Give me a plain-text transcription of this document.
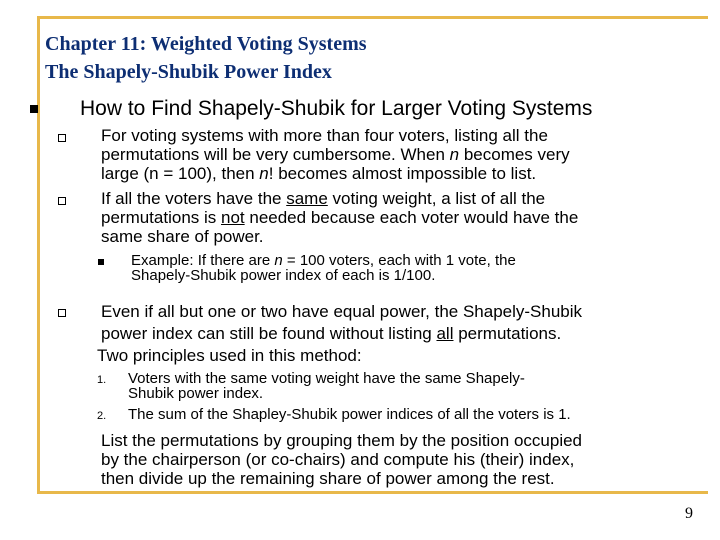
Chapter 11: Weighted Voting Systems
The Shapely-Shubik Power Index
How to Find Shapely-Shubik for Larger Voting Systems
For voting systems with more than four voters, listing all the
permutations will be very cumbersome. When n becomes very
large (n = 100), then n! becomes almost impossible to list.
If all the voters have the same voting weight, a list of all the
permutations is not needed because each voter would have the
same share of power.
Example: If there are n = 100 voters, each with 1 vote, the
Shapely-Shubik power index of each is 1/100.
Even if all but one or two have equal power, the Shapely-Shubik
power index can still be found without listing all permutations.
Two principles used in this method:
1. Voters with the same voting weight have the same Shapely-
Shubik power index.
2. The sum of the Shapley-Shubik power indices of all the voters is 1.
List the permutations by grouping them by the position occupied
by the chairperson (or co-chairs) and compute his (their) index,
then divide up the remaining share of power among the rest.
9
